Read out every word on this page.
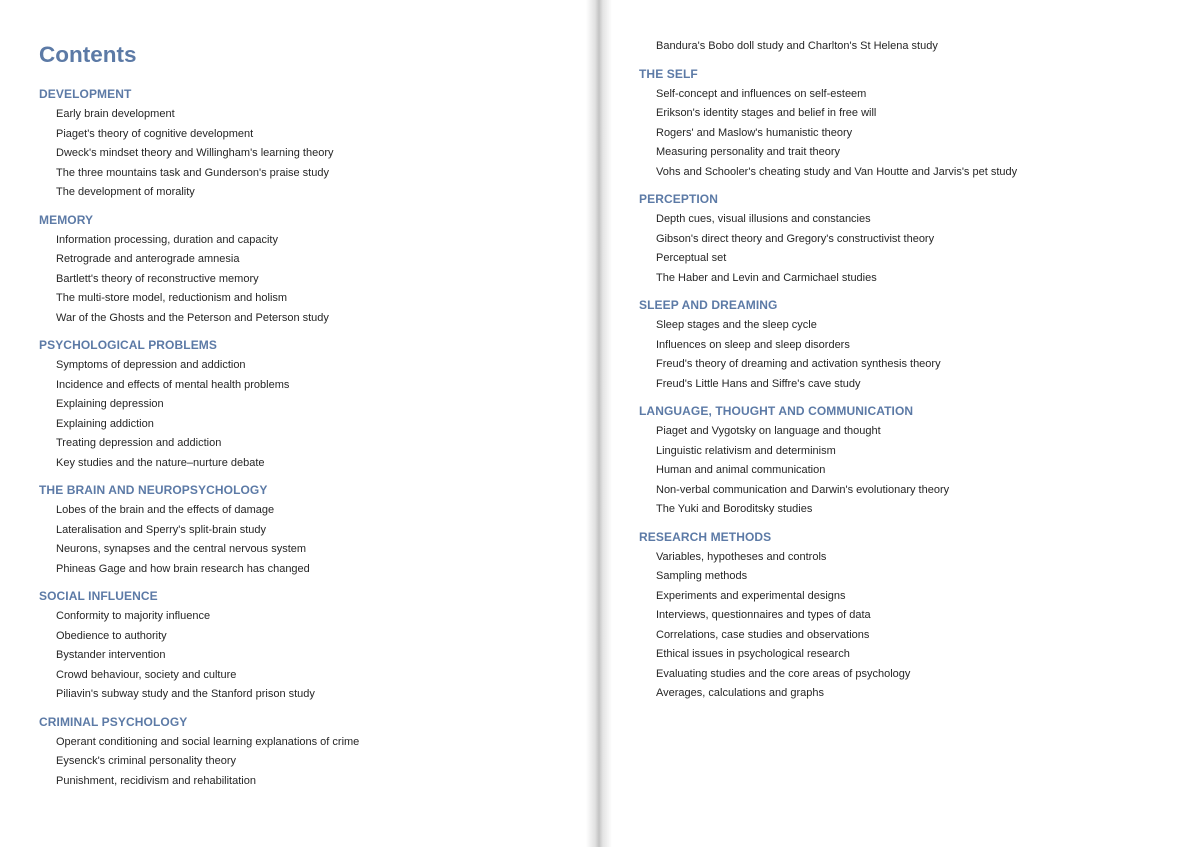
Contents
DEVELOPMENT
Early brain development
Piaget's theory of cognitive development
Dweck's mindset theory and Willingham's learning theory
The three mountains task and Gunderson's praise study
The development of morality
MEMORY
Information processing, duration and capacity
Retrograde and anterograde amnesia
Bartlett's theory of reconstructive memory
The multi-store model, reductionism and holism
War of the Ghosts and the Peterson and Peterson study
PSYCHOLOGICAL PROBLEMS
Symptoms of depression and addiction
Incidence and effects of mental health problems
Explaining depression
Explaining addiction
Treating depression and addiction
Key studies and the nature–nurture debate
THE BRAIN AND NEUROPSYCHOLOGY
Lobes of the brain and the effects of damage
Lateralisation and Sperry's split-brain study
Neurons, synapses and the central nervous system
Phineas Gage and how brain research has changed
SOCIAL INFLUENCE
Conformity to majority influence
Obedience to authority
Bystander intervention
Crowd behaviour, society and culture
Piliavin's subway study and the Stanford prison study
CRIMINAL PSYCHOLOGY
Operant conditioning and social learning explanations of crime
Eysenck's criminal personality theory
Punishment, recidivism and rehabilitation
Bandura's Bobo doll study and Charlton's St Helena study
THE SELF
Self-concept and influences on self-esteem
Erikson's identity stages and belief in free will
Rogers' and Maslow's humanistic theory
Measuring personality and trait theory
Vohs and Schooler's cheating study and Van Houtte and Jarvis's pet study
PERCEPTION
Depth cues, visual illusions and constancies
Gibson's direct theory and Gregory's constructivist theory
Perceptual set
The Haber and Levin and Carmichael studies
SLEEP AND DREAMING
Sleep stages and the sleep cycle
Influences on sleep and sleep disorders
Freud's theory of dreaming and activation synthesis theory
Freud's Little Hans and Siffre's cave study
LANGUAGE, THOUGHT AND COMMUNICATION
Piaget and Vygotsky on language and thought
Linguistic relativism and determinism
Human and animal communication
Non-verbal communication and Darwin's evolutionary theory
The Yuki and Boroditsky studies
RESEARCH METHODS
Variables, hypotheses and controls
Sampling methods
Experiments and experimental designs
Interviews, questionnaires and types of data
Correlations, case studies and observations
Ethical issues in psychological research
Evaluating studies and the core areas of psychology
Averages, calculations and graphs
